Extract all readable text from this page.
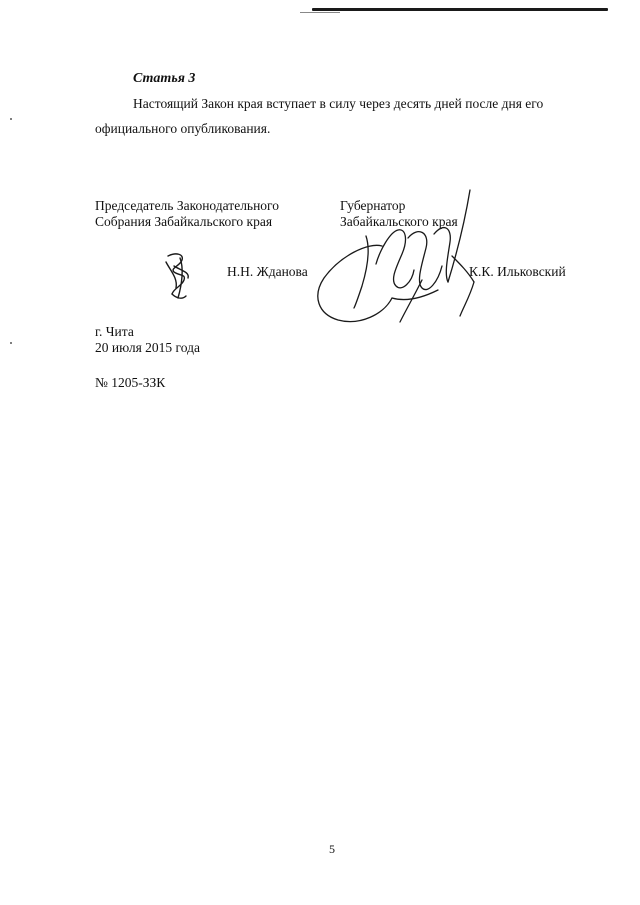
Статья 3
Настоящий Закон края вступает в силу через десять дней после дня его
официального опубликования.
Председатель Законодательного
Собрания Забайкальского края
Н.Н. Жданова
Губернатор
Забайкальского края
К.К. Ильковский
г. Чита
20 июля 2015 года
№ 1205-ЗЗК
5
